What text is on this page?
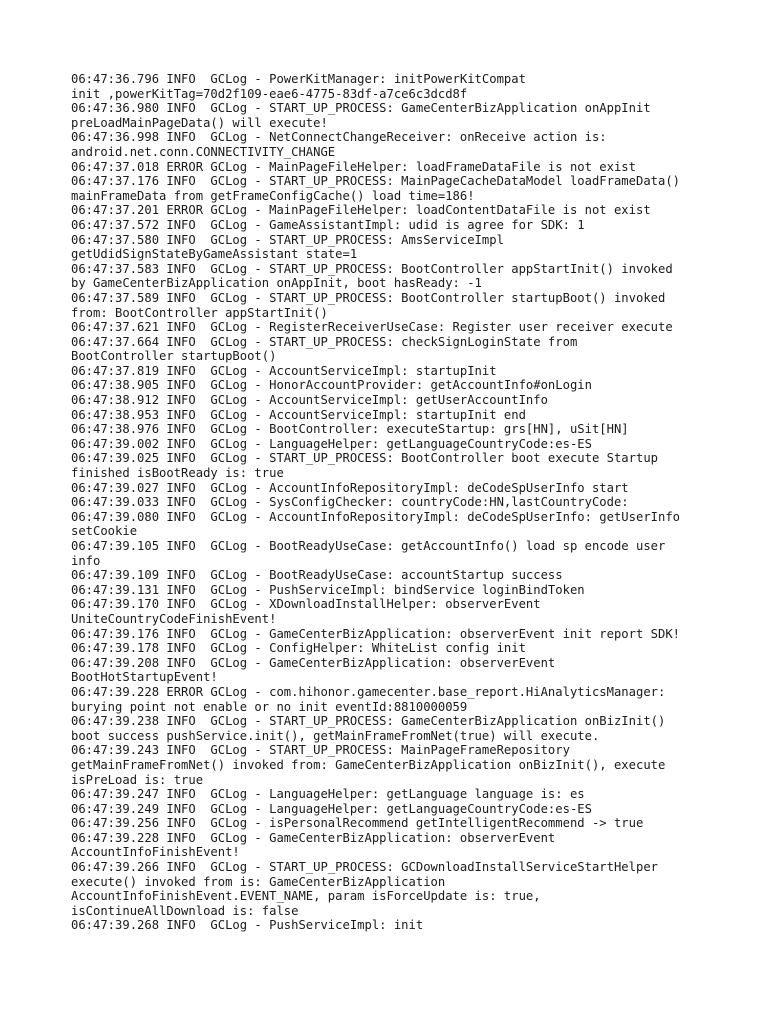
06:47:36.796 INFO  GCLog - PowerKitManager: initPowerKitCompat
init ,powerKitTag=70d2f109-eae6-4775-83df-a7ce6c3dcd8f
06:47:36.980 INFO  GCLog - START_UP_PROCESS: GameCenterBizApplication onAppInit
preLoadMainPageData() will execute!
06:47:36.998 INFO  GCLog - NetConnectChangeReceiver: onReceive action is:
android.net.conn.CONNECTIVITY_CHANGE
06:47:37.018 ERROR GCLog - MainPageFileHelper: loadFrameDataFile is not exist
06:47:37.176 INFO  GCLog - START_UP_PROCESS: MainPageCacheDataModel loadFrameData()
mainFrameData from getFrameConfigCache() load time=186!
06:47:37.201 ERROR GCLog - MainPageFileHelper: loadContentDataFile is not exist
06:47:37.572 INFO  GCLog - GameAssistantImpl: udid is agree for SDK: 1
06:47:37.580 INFO  GCLog - START_UP_PROCESS: AmsServiceImpl
getUdidSignStateByGameAssistant state=1
06:47:37.583 INFO  GCLog - START_UP_PROCESS: BootController appStartInit() invoked
by GameCenterBizApplication onAppInit, boot hasReady: -1
06:47:37.589 INFO  GCLog - START_UP_PROCESS: BootController startupBoot() invoked
from: BootController appStartInit()
06:47:37.621 INFO  GCLog - RegisterReceiverUseCase: Register user receiver execute
06:47:37.664 INFO  GCLog - START_UP_PROCESS: checkSignLoginState from
BootController startupBoot()
06:47:37.819 INFO  GCLog - AccountServiceImpl: startupInit
06:47:38.905 INFO  GCLog - HonorAccountProvider: getAccountInfo#onLogin
06:47:38.912 INFO  GCLog - AccountServiceImpl: getUserAccountInfo
06:47:38.953 INFO  GCLog - AccountServiceImpl: startupInit end
06:47:38.976 INFO  GCLog - BootController: executeStartup: grs[HN], uSit[HN]
06:47:39.002 INFO  GCLog - LanguageHelper: getLanguageCountryCode:es-ES
06:47:39.025 INFO  GCLog - START_UP_PROCESS: BootController boot execute Startup
finished isBootReady is: true
06:47:39.027 INFO  GCLog - AccountInfoRepositoryImpl: deCodeSpUserInfo start
06:47:39.033 INFO  GCLog - SysConfigChecker: countryCode:HN,lastCountryCode:
06:47:39.080 INFO  GCLog - AccountInfoRepositoryImpl: deCodeSpUserInfo: getUserInfo
setCookie
06:47:39.105 INFO  GCLog - BootReadyUseCase: getAccountInfo() load sp encode user
info
06:47:39.109 INFO  GCLog - BootReadyUseCase: accountStartup success
06:47:39.131 INFO  GCLog - PushServiceImpl: bindService loginBindToken
06:47:39.170 INFO  GCLog - XDownloadInstallHelper: observerEvent
UniteCountryCodeFinishEvent!
06:47:39.176 INFO  GCLog - GameCenterBizApplication: observerEvent init report SDK!
06:47:39.178 INFO  GCLog - ConfigHelper: WhiteList config init
06:47:39.208 INFO  GCLog - GameCenterBizApplication: observerEvent
BootHotStartupEvent!
06:47:39.228 ERROR GCLog - com.hihonor.gamecenter.base_report.HiAnalyticsManager:
burying point not enable or no init eventId:8810000059
06:47:39.238 INFO  GCLog - START_UP_PROCESS: GameCenterBizApplication onBizInit()
boot success pushService.init(), getMainFrameFromNet(true) will execute.
06:47:39.243 INFO  GCLog - START_UP_PROCESS: MainPageFrameRepository
getMainFrameFromNet() invoked from: GameCenterBizApplication onBizInit(), execute
isPreLoad is: true
06:47:39.247 INFO  GCLog - LanguageHelper: getLanguage language is: es
06:47:39.249 INFO  GCLog - LanguageHelper: getLanguageCountryCode:es-ES
06:47:39.256 INFO  GCLog - isPersonalRecommend getIntelligentRecommend -> true
06:47:39.228 INFO  GCLog - GameCenterBizApplication: observerEvent
AccountInfoFinishEvent!
06:47:39.266 INFO  GCLog - START_UP_PROCESS: GCDownloadInstallServiceStartHelper
execute() invoked from is: GameCenterBizApplication
AccountInfoFinishEvent.EVENT_NAME, param isForceUpdate is: true,
isContinueAllDownload is: false
06:47:39.268 INFO  GCLog - PushServiceImpl: init
